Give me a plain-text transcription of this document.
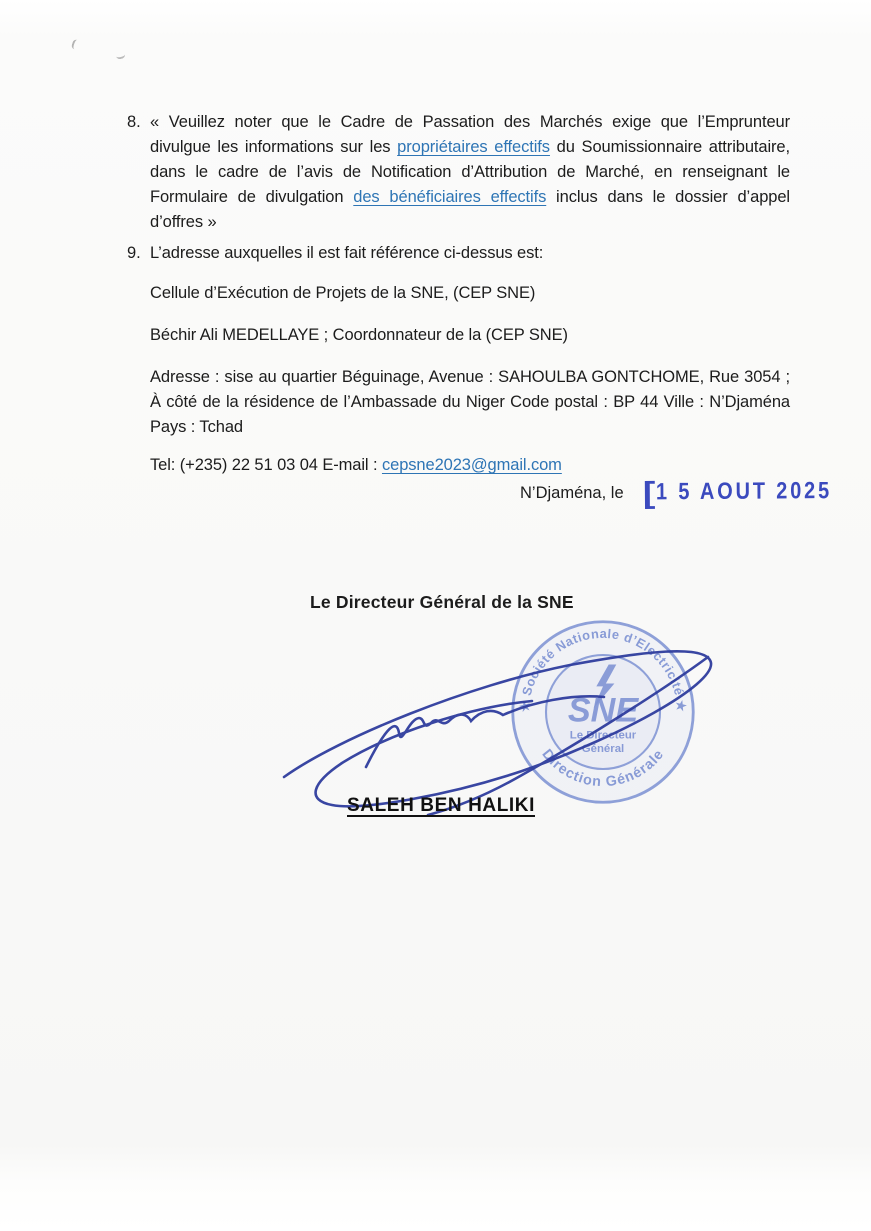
8. « Veuillez noter que le Cadre de Passation des Marchés exige que l’Emprunteur divulgue les informations sur les propriétaires effectifs du Soumissionnaire attributaire, dans le cadre de l’avis de Notification d’Attribution de Marché, en renseignant le Formulaire de divulgation des bénéficiaires effectifs inclus dans le dossier d’appel d’offres »
9. L’adresse auxquelles il est fait référence ci-dessus est:

Cellule d’Exécution de Projets de la SNE, (CEP SNE)

Béchir Ali MEDELLAYE ; Coordonnateur de la (CEP SNE)

Adresse : sise au quartier Béguinage, Avenue : SAHOULBA GONTCHOME, Rue 3054 ; À côté de la résidence de l’Ambassade du Niger Code postal : BP 44 Ville : N’Djaména Pays : Tchad

Tel: (+235) 22 51 03 04 E-mail : cepsne2023@gmail.com

N’Djaména, le [1 5 AOUT 2025
Le Directeur Général de la SNE
★ Société Nationale d’Electricité ★
Direction Générale
SNE
Le Directeur
Général
SALEH BEN HALIKI
